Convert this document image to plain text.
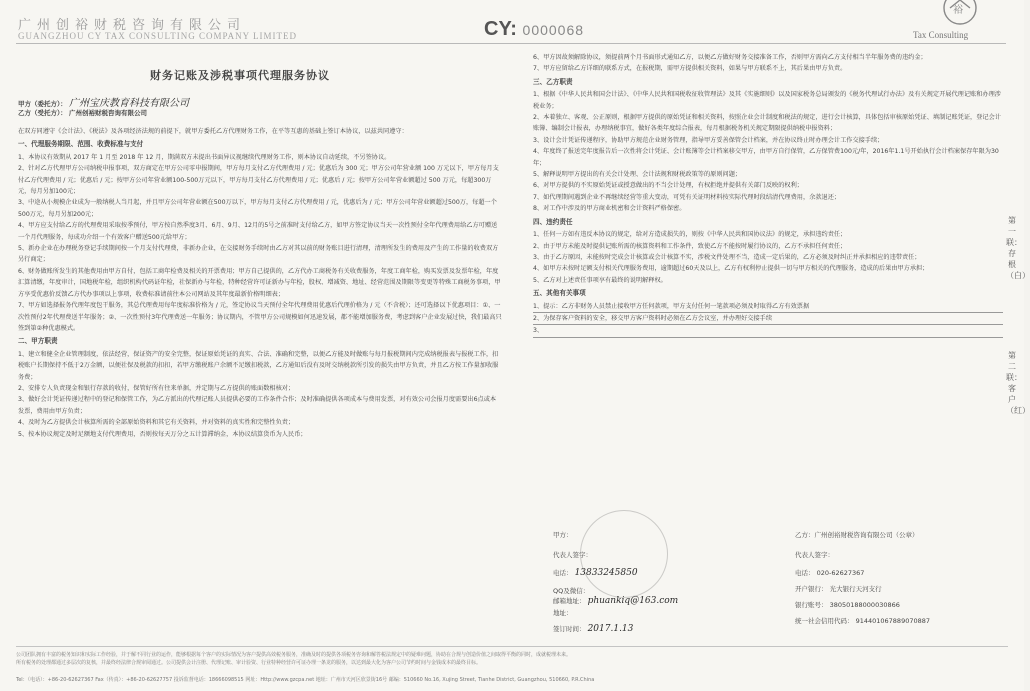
广州创裕财税咨询有限公司
GUANGZHOU CY TAX CONSULTING COMPANY LIMITED	CY: 0000068
裕
Tax Consulting
财务记账及涉税事项代理服务协议
甲方（委托方）： 广州宝庆教育科技有限公司
乙方（受托方）： 广州创裕财税咨询有限公司

在双方同遵守《会计法》、《税法》及各项经济法规的前提下，就甲方委托乙方代理财务工作，在平等互惠的基础上签订本协议，以兹共同遵守：

一、代理服务期限、范围、收费标准与支付
1、本协议有效期从 2017 年 1 月至 2018 年 12 月，期满双方未提出书面异议视继续代理财务工作，则本协议自动延续，不另签协议。
2、针对乙方代理甲方公司纳税申报事项，双方商定在甲方公司零申报期间，甲方每月支付乙方代理费用 / 元；优惠后为 300 元；甲方公司年营业额 100 万元以下，甲方每月支付乙方代理费用 / 元；优惠后 / 元；按甲方公司年营业额100-500万元以下，甲方每月支付乙方代理费用 / 元；优惠后 / 元；按甲方公司年营业额超过 500 万元，每超300万元，每月另加100元；
3、中途从小规模企业成为一般纳税人当月起，并且甲方公司年营业额在500万以下，甲方每月支付乙方代理费用 / 元，优惠后为 / 元；甲方公司年营业额超过500万，每超一个500万元，每月另加200元；
4、甲方应支付给乙方的代理费用采取按季预付，甲方按自然季度3月、6月、9月、12月的5号之前准时支付给乙方，如甲方签定协议当天一次性预付全年代理费用给乙方可赠送一个月代理服务，每成功介绍一个有效客户赠送500元给甲方；
5、新办企业在办理税务登记手续期间按一个月支付代理费，非新办企业，在交接财务手续时由乙方对其以前的财务账目进行清理，清理所发生的费用及产生的工作量的收费双方另行商定；
6、财务做账所发生的其他费用由甲方自付，包括工商年检费及相关的开票费用；甲方自己提供的，乙方代办工商税务有关收费服务，年度工商年检，购买发票及发票年检，年度汇算清缴，年度审计，国地税年检，组织机构代码证年检，社保新办与年检，特种经营许可证新办与年检，股权、增减资、地址、经营范围及期限等变更等特殊工商税务事项，甲方享受优惠价反馈乙方代办事项以上事项，收费标准请前往本公司网站及其年度最新价格明细表；
7、甲方如选择报务代理年度包干服务，其总代理费用每年度标准价格为 / 元，签定协议当天预付全年代理费用优惠后代理价格为 / 元（不含税）；还可选择以下优惠项目：①、一次性预付2年代理费送半年服务；②、一次性预付3年代理费送一年服务；协议期内，不管甲方公司规模如何迅速发展，都不能增加服务费，考虑到客户企业发展过快，我们最高只签到第②种优惠模式。
二、甲方职责
1、建立和健全企业管理制度，依法经营，保证资产的安全完整，保证原始凭证的真实、合法、准确和完整，以便乙方能及时做账与每月报税期间内完成纳税报表与报税工作，扣税账户长期保持不低于2万金额，以便社保及税款的扣扣，若甲方缴税账户余额不足缴扣税款，乙方通知后没有及时交纳税款所引发的损失由甲方负责，并且乙方按工作量加收服务费；
2、安排专人负责现金和银行存款的收付，保管好所有往来单据，并定期与乙方提供的账面数相核对；
3、做好会计凭证传递过程中的登记和保管工作，为乙方派出的代理记账人员提供必要的工作条件合作；及时准确提供各项成本与费用发票，对有效公司会报月度需要出6点或本发票，费用由甲方负责；
4、及时为乙方提供会计核算所需的全部原始资料和其它有关资料，并对资料的真实性和完整性负责；
5、按本协议规定及时足额地支付代理费用，否则按每天万分之五计算滞纳金，本协议结算货币为人民币；
6、甲方因故须解除协议，须提前两个月书面形式通知乙方，以便乙方做好财务交接准备工作，否则甲方需向乙方支付相当半年服务费的违约金；
7、甲方应留给乙方详细的联系方式，在报税期，需甲方提供相关资料，如果与甲方联系不上，其后果由甲方负责。
三、乙方职责
1、根据《中华人民共和国会计法》、《中华人民共和国税收征收管理法》及其《实施细则》以及国家税务总局颁发的《税务代理试行办法》及有关规定开展代理记账和办理涉税业务；
2、本着独立、客观、公正原则，根据甲方提供的原始凭证和相关资料，按照企业会计制度和税法的规定，进行会计核算，具体包括审核原始凭证、填制记账凭证，登记会计账簿、编制会计报表，办理纳税事宜，做好各类年度综合报表，每月根据税务机关规定期限提供纳税申报资料；
3、设计会计凭证传递程序，协助甲方规范企业财务管理，指导甲方妥善保管会计档案，并在协议终止时办理会计工作交接手续；
4、年度终了报送完年度报告后一次性将会计凭证、会计账簿等会计档案移交甲方，由甲方自行保管，乙方保管费100元/年，2016年1.1号开始执行会计档案保存年限为30年；
5、解释说明甲方提出的有关会计处理、会计法规和财税政策等的原则问题；
6、对甲方提供的不实原始凭证或授意做出的不当会计处理，有权拒绝并提供有关部门反映的权利；
7、如代理期间遇到企业不再继续经营等重大变动，可凭有关证明材料按实际代理时段结清代理费用，余款退还；
8、对工作中涉及的甲方商业机密和会计资料严格保密。
四、违约责任
1、任何一方如有违反本协议的规定，给对方造成损失的，则按《中华人民共和国协议法》的规定，承担违约责任；
2、由于甲方未能及时提供记账所需的核算资料和工作条件，致使乙方不能按时履行协议的，乙方不承担任何责任；
3、由于乙方原因，未能按时完成会计核算或会计核算不实，涉税文件处理不当，造成一定后果的，乙方必须及时纠正并承担相应的违带责任；
4、如甲方未按时足额支付相关代理服务费用，逾期超过60天及以上，乙方有权利停止提供一切与甲方相关的代理服务，造成的后果由甲方承担；
5、乙方对上述责任事项享有最终的说明解释权。
五、其他有关事项
1、提示：乙方非财务人员禁止接收甲方任何款项，甲方支付任何一笔款项必须及时取得乙方有效票据
2、为保存客户资料的安全，移交甲方客户资料时必须在乙方会议室，并办理好交接手续
3、
第一联：存根（白）
第二联：客户（红）
甲方：
代表人签字：
电话： 13833245850
QQ及微信：
邮箱地址： phuankiq@163.com
地址：
签订时间： 2017.1.13
乙方：广州创裕财税咨询有限公司（公章）
代表人签字：
电话： 020-62627367
开户银行： 光大银行天河支行
银行账号： 38050188000030866
统一社会信用代码： 914401067889070887
公司团队拥有丰富的税务知识和实际工作经验，并于解不同行业的运作，能够根据每个客户的实际情况为客户提供高效税务服务，准确及时的提供各项税务咨询和解答税法规定中的疑难问题，协助在合规与创造价值之间取得平衡的同时，成就税理未来。
所有税务的处理都通过多层次的复核，并最终经法律合规审阅通过。公司提供会计注册、代理记账、审计验资、行业特种经营许可证办理一条龙的服务，以达到最大化为客户公司节约时间与金钱成本的最终目标。
Tel：（电话）：+86-20-62627367 Fax（传真）：+86-20-62627757 投诉监督电话：18666098515 网址：Http://www.gzcpa.net 地址：广州市天河区欣景街16号 邮编：510660 No.16, Xujing Street, Tianhe District, Guangzhou, 510660, P.R.China
